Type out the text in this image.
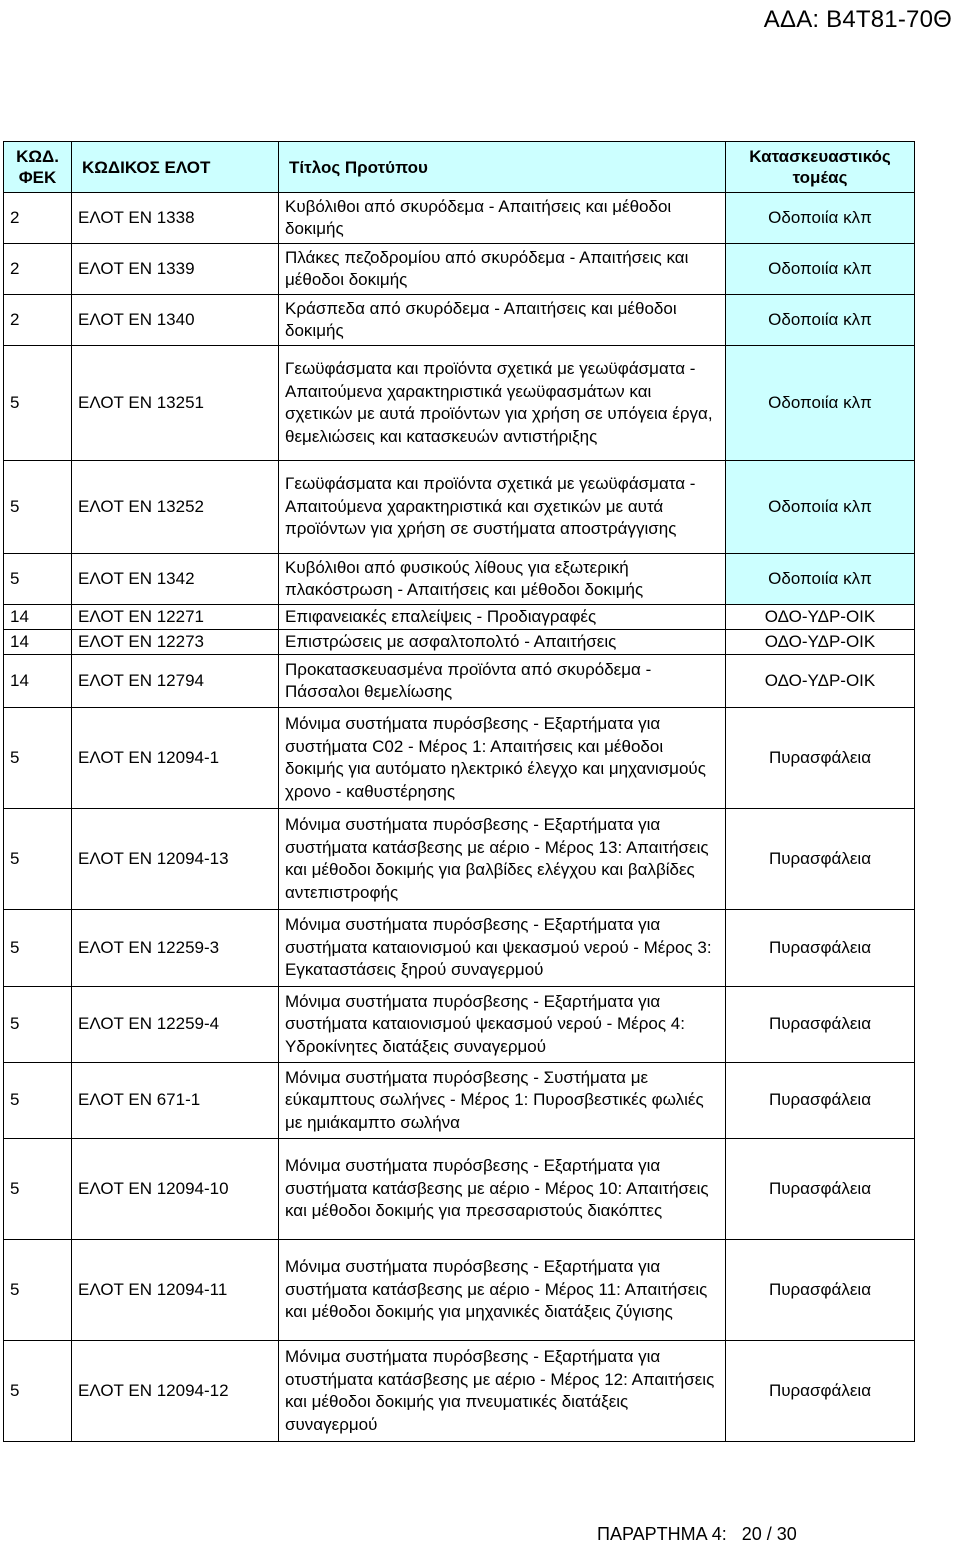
ΑΔΑ: Β4Τ81-70Θ
ΚΩΔ. ΦΕΚ	ΚΩΔΙΚΟΣ ΕΛΟΤ	Τίτλος Προτύπου	Κατασκευαστικός τομέας
2	ΕΛΟΤ ΕΝ 1338	Κυβόλιθοι από σκυρόδεμα - Απαιτήσεις και μέθοδοι δοκιμής	Οδοποιία κλπ
2	ΕΛΟΤ ΕΝ 1339	Πλάκες πεζοδρομίου από σκυρόδεμα - Απαιτήσεις και μέθοδοι δοκιμής	Οδοποιία κλπ
2	ΕΛΟΤ ΕΝ 1340	Κράσπεδα από σκυρόδεμα - Απαιτήσεις και μέθοδοι δοκιμής	Οδοποιία κλπ
5	ΕΛΟΤ ΕΝ 13251	Γεωϋφάσματα και προϊόντα σχετικά με γεωϋφάσματα - Απαιτούμενα χαρακτηριστικά γεωϋφασμάτων και σχετικών με αυτά προϊόντων για χρήση σε υπόγεια έργα, θεμελιώσεις και κατασκευών αντιστήριξης	Οδοποιία κλπ
5	ΕΛΟΤ ΕΝ 13252	Γεωϋφάσματα και προϊόντα σχετικά με γεωϋφάσματα - Απαιτούμενα χαρακτηριστικά και σχετικών με αυτά προϊόντων για χρήση σε συστήματα αποστράγγισης	Οδοποιία κλπ
5	ΕΛΟΤ ΕΝ 1342	Κυβόλιθοι από φυσικούς λίθους για εξωτερική πλακόστρωση - Απαιτήσεις και μέθοδοι δοκιμής	Οδοποιία κλπ
14	ΕΛΟΤ ΕΝ 12271	Επιφανειακές επαλείψεις - Προδιαγραφές	ΟΔΟ-ΥΔΡ-ΟΙΚ
14	ΕΛΟΤ ΕΝ 12273	Επιστρώσεις με ασφαλτοπολτό - Απαιτήσεις	ΟΔΟ-ΥΔΡ-ΟΙΚ
14	ΕΛΟΤ ΕΝ 12794	Προκατασκευασμένα προϊόντα από σκυρόδεμα - Πάσσαλοι θεμελίωσης	ΟΔΟ-ΥΔΡ-ΟΙΚ
5	ΕΛΟΤ ΕΝ 12094-1	Μόνιμα συστήματα πυρόσβεσης - Εξαρτήματα για συστήματα C02 - Μέρος 1: Απαιτήσεις και μέθοδοι δοκιμής για αυτόματο ηλεκτρικό έλεγχο και μηχανισμούς χρονο - καθυστέρησης	Πυρασφάλεια
5	ΕΛΟΤ ΕΝ 12094-13	Μόνιμα συστήματα πυρόσβεσης - Εξαρτήματα για συστήματα κατάσβεσης με αέριο - Μέρος 13: Απαιτήσεις και μέθοδοι δοκιμής για βαλβίδες ελέγχου και βαλβίδες αντεπιστροφής	Πυρασφάλεια
5	ΕΛΟΤ ΕΝ 12259-3	Μόνιμα συστήματα πυρόσβεσης - Εξαρτήματα για συστήματα καταιονισμού και ψεκασμού νερού - Μέρος 3: Εγκαταστάσεις ξηρού συναγερμού	Πυρασφάλεια
5	ΕΛΟΤ ΕΝ 12259-4	Μόνιμα συστήματα πυρόσβεσης - Εξαρτήματα για συστήματα καταιονισμού ψεκασμού νερού - Μέρος 4: Υδροκίνητες διατάξεις συναγερμού	Πυρασφάλεια
5	ΕΛΟΤ ΕΝ 671-1	Μόνιμα συστήματα πυρόσβεσης - Συστήματα με εύκαμπτους σωλήνες - Μέρος 1: Πυροσβεστικές φωλιές με ημιάκαμπτο σωλήνα	Πυρασφάλεια
5	ΕΛΟΤ ΕΝ 12094-10	Μόνιμα συστήματα πυρόσβεσης - Εξαρτήματα για συστήματα κατάσβεσης με αέριο - Μέρος 10: Απαιτήσεις και μέθοδοι δοκιμής για πρεσσαριστούς διακόπτες	Πυρασφάλεια
5	ΕΛΟΤ ΕΝ 12094-11	Μόνιμα συστήματα πυρόσβεσης - Εξαρτήματα για συστήματα κατάσβεσης με αέριο - Μέρος 11: Απαιτήσεις και μέθοδοι δοκιμής για μηχανικές διατάξεις ζύγισης	Πυρασφάλεια
5	ΕΛΟΤ ΕΝ 12094-12	Μόνιμα συστήματα πυρόσβεσης - Εξαρτήματα για oτυστήματα κατάσβεσης με αέριο - Μέρος 12: Απαιτήσεις και μέθοδοι δοκιμής για πνευματικές διατάξεις συναγερμού	Πυρασφάλεια
ΠΑΡΑΡΤΗΜΑ 4: 20 / 30
